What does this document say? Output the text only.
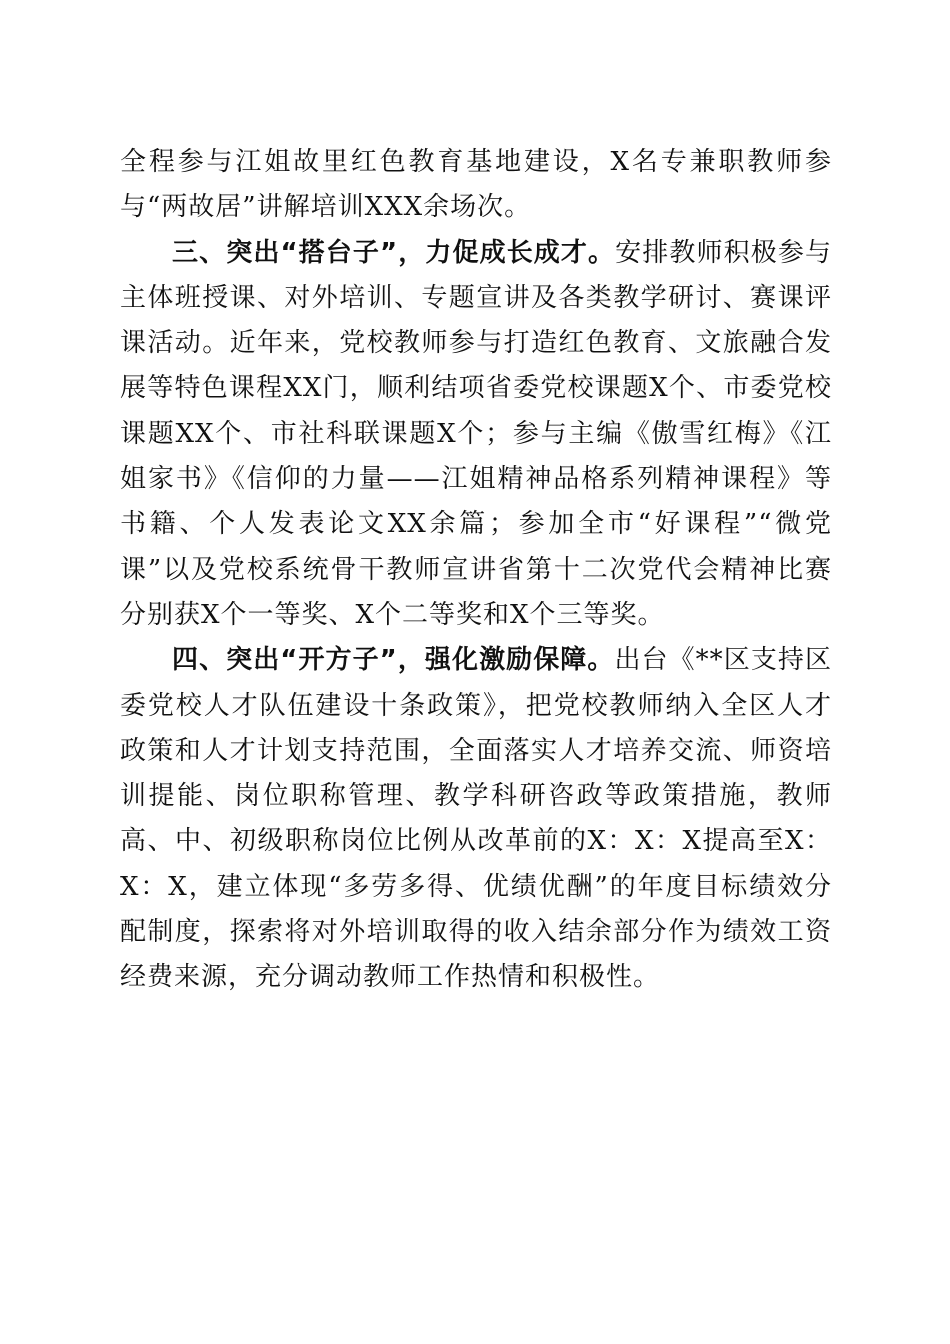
全程参与江姐故里红色教育基地建设，X名专兼职教师参与“两故居”讲解培训XXX余场次。

三、突出“搭台子”，力促成长成才。安排教师积极参与主体班授课、对外培训、专题宣讲及各类教学研讨、赛课评课活动。近年来，党校教师参与打造红色教育、文旅融合发展等特色课程XX门，顺利结项省委党校课题X个、市委党校课题XX个、市社科联课题X个；参与主编《傲雪红梅》《江姐家书》《信仰的力量——江姐精神品格系列精神课程》等书籍、个人发表论文XX余篇；参加全市“好课程”“微党课”以及党校系统骨干教师宣讲省第十二次党代会精神比赛分别获X个一等奖、X个二等奖和X个三等奖。

四、突出“开方子”，强化激励保障。出台《**区支持区委党校人才队伍建设十条政策》，把党校教师纳入全区人才政策和人才计划支持范围，全面落实人才培养交流、师资培训提能、岗位职称管理、教学科研咨政等政策措施，教师高、中、初级职称岗位比例从改革前的X：X：X提高至X：X：X，建立体现“多劳多得、优绩优酬”的年度目标绩效分配制度，探索将对外培训取得的收入结余部分作为绩效工资经费来源，充分调动教师工作热情和积极性。
